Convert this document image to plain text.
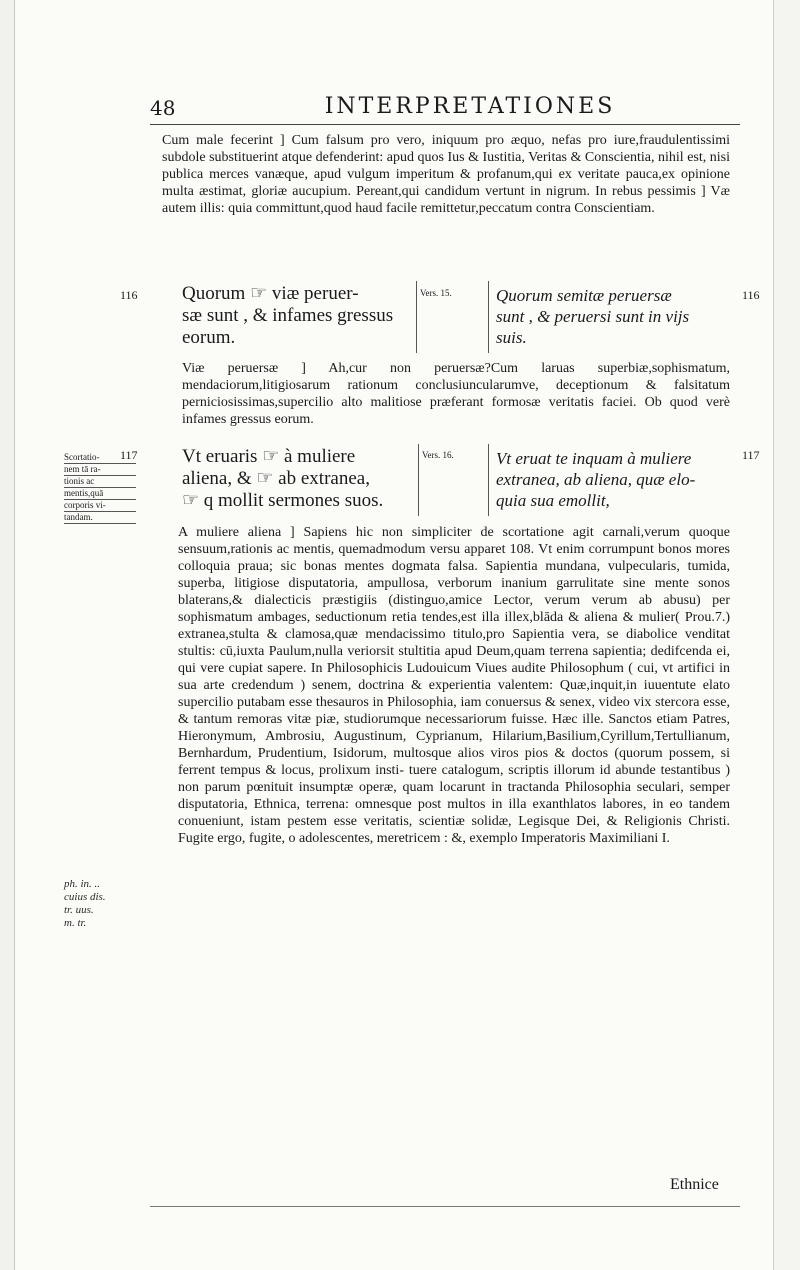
48	INTERPRETATIONES
Cum male fecerint ] Cum falsum pro vero, iniquum pro æquo, nefas pro iure,fraudulentissimi subdole substituerint atque defenderint: apud quos Ius & Iustitia, Veritas & Conscientia, nihil est, nisi publica merces vanæque, apud vulgum imperitum & profanum,qui ex veritate pauca,ex opinione multa æstimat, gloriæ aucupium. Pereant,qui candidum vertunt in nigrum. In rebus pessimis ] Væ autem illis: quia committunt,quod haud facile remittetur,peccatum contra Conscientiam.
116	116
Quorum ☞ viæ peruer-
sæ sunt , & infames gressus
eorum.
Vers. 15.	Quorum semitæ peruersæ
sunt , & peruersi sunt in vijs
suis.
Viæ peruersæ ] Ah,cur non peruersæ?Cum laruas superbiæ,sophismatum, mendaciorum,litigiosarum rationum conclusiuncularumve, deceptionum & falsitatum perniciosissimas,supercilio alto malitiose præferant formosæ veritatis faciei. Ob quod verè infames gressus eorum.
117	117
Scortatio-
nem tā ra-
tionis ac
mentis,quā
corporis vi-
tandam.
Vt eruaris ☞ à muliere
aliena, & ☞ ab extranea,
☞ q mollit sermones suos.
Vers. 16. Vt eruat te inquam à muliere
extranea, ab aliena, quæ elo-
quia sua emollit,
A muliere aliena ] Sapiens hic non simpliciter de scortatione agit carnali,verum quoque sensuum,rationis ac mentis, quemadmodum versu apparet 108. Vt enim corrumpunt bonos mores colloquia praua; sic bonas mentes dogmata falsa. Sapientia mundana, vulpecularis, tumida, superba, litigiose disputatoria, ampullosa, verborum inanium garrulitate sine mente sonos blaterans,& dialecticis præstigiis (distinguo,amice Lector, verum verum ab abusu) per sophismatum ambages, seductionum retia tendes,est illa illex,blāda & aliena & mulier( Prou.7.) extranea,stulta & clamosa,quæ mendacissimo titulo,pro Sapientia vera, se diabolice venditat stultis: cū,iuxta Paulum,nulla veriorsit stultitia apud Deum,quam terrena sapientia; dedifcenda ei, qui vere cupiat sapere. In Philosophicis Ludouicum Viues audite Philosophum ( cui, vt artifici in sua arte credendum ) senem, doctrina & experientia valentem: Quæ,inquit,in iuuentute elato supercilio putabam esse thesauros in Philosophia, iam conuersus & senex, video vix stercora esse, & tantum remoras vitæ piæ, studiorumque necessariorum fuisse. Hæc ille. Sanctos etiam Patres, Hieronymum, Ambrosiu, Augustinum, Cyprianum, Hilarium,Basilium,Cyrillum,Tertullianum, Bernhardum, Prudentium, Isidorum, multosque alios viros pios & doctos (quorum possem, si ferrent tempus & locus, prolixum insti- tuere catalogum, scriptis illorum id abunde testantibus ) non parum pœnituit insumptæ operæ, quam locarunt in tractanda Philosophia seculari, semper disputatoria, Ethnica, terrena: omnesque post multos in illa exanthlatos labores, in eo tandem conueniunt, istam pestem esse veritatis, scientiæ solidæ, Legisque Dei, & Religionis Christi. Fugite ergo, fugite, o adolescentes, meretricem : &, exemplo Imperatoris Maximiliani I.
ph. in. ..
cuius dis.
tr. uus.
m. tr.
Ethnice
